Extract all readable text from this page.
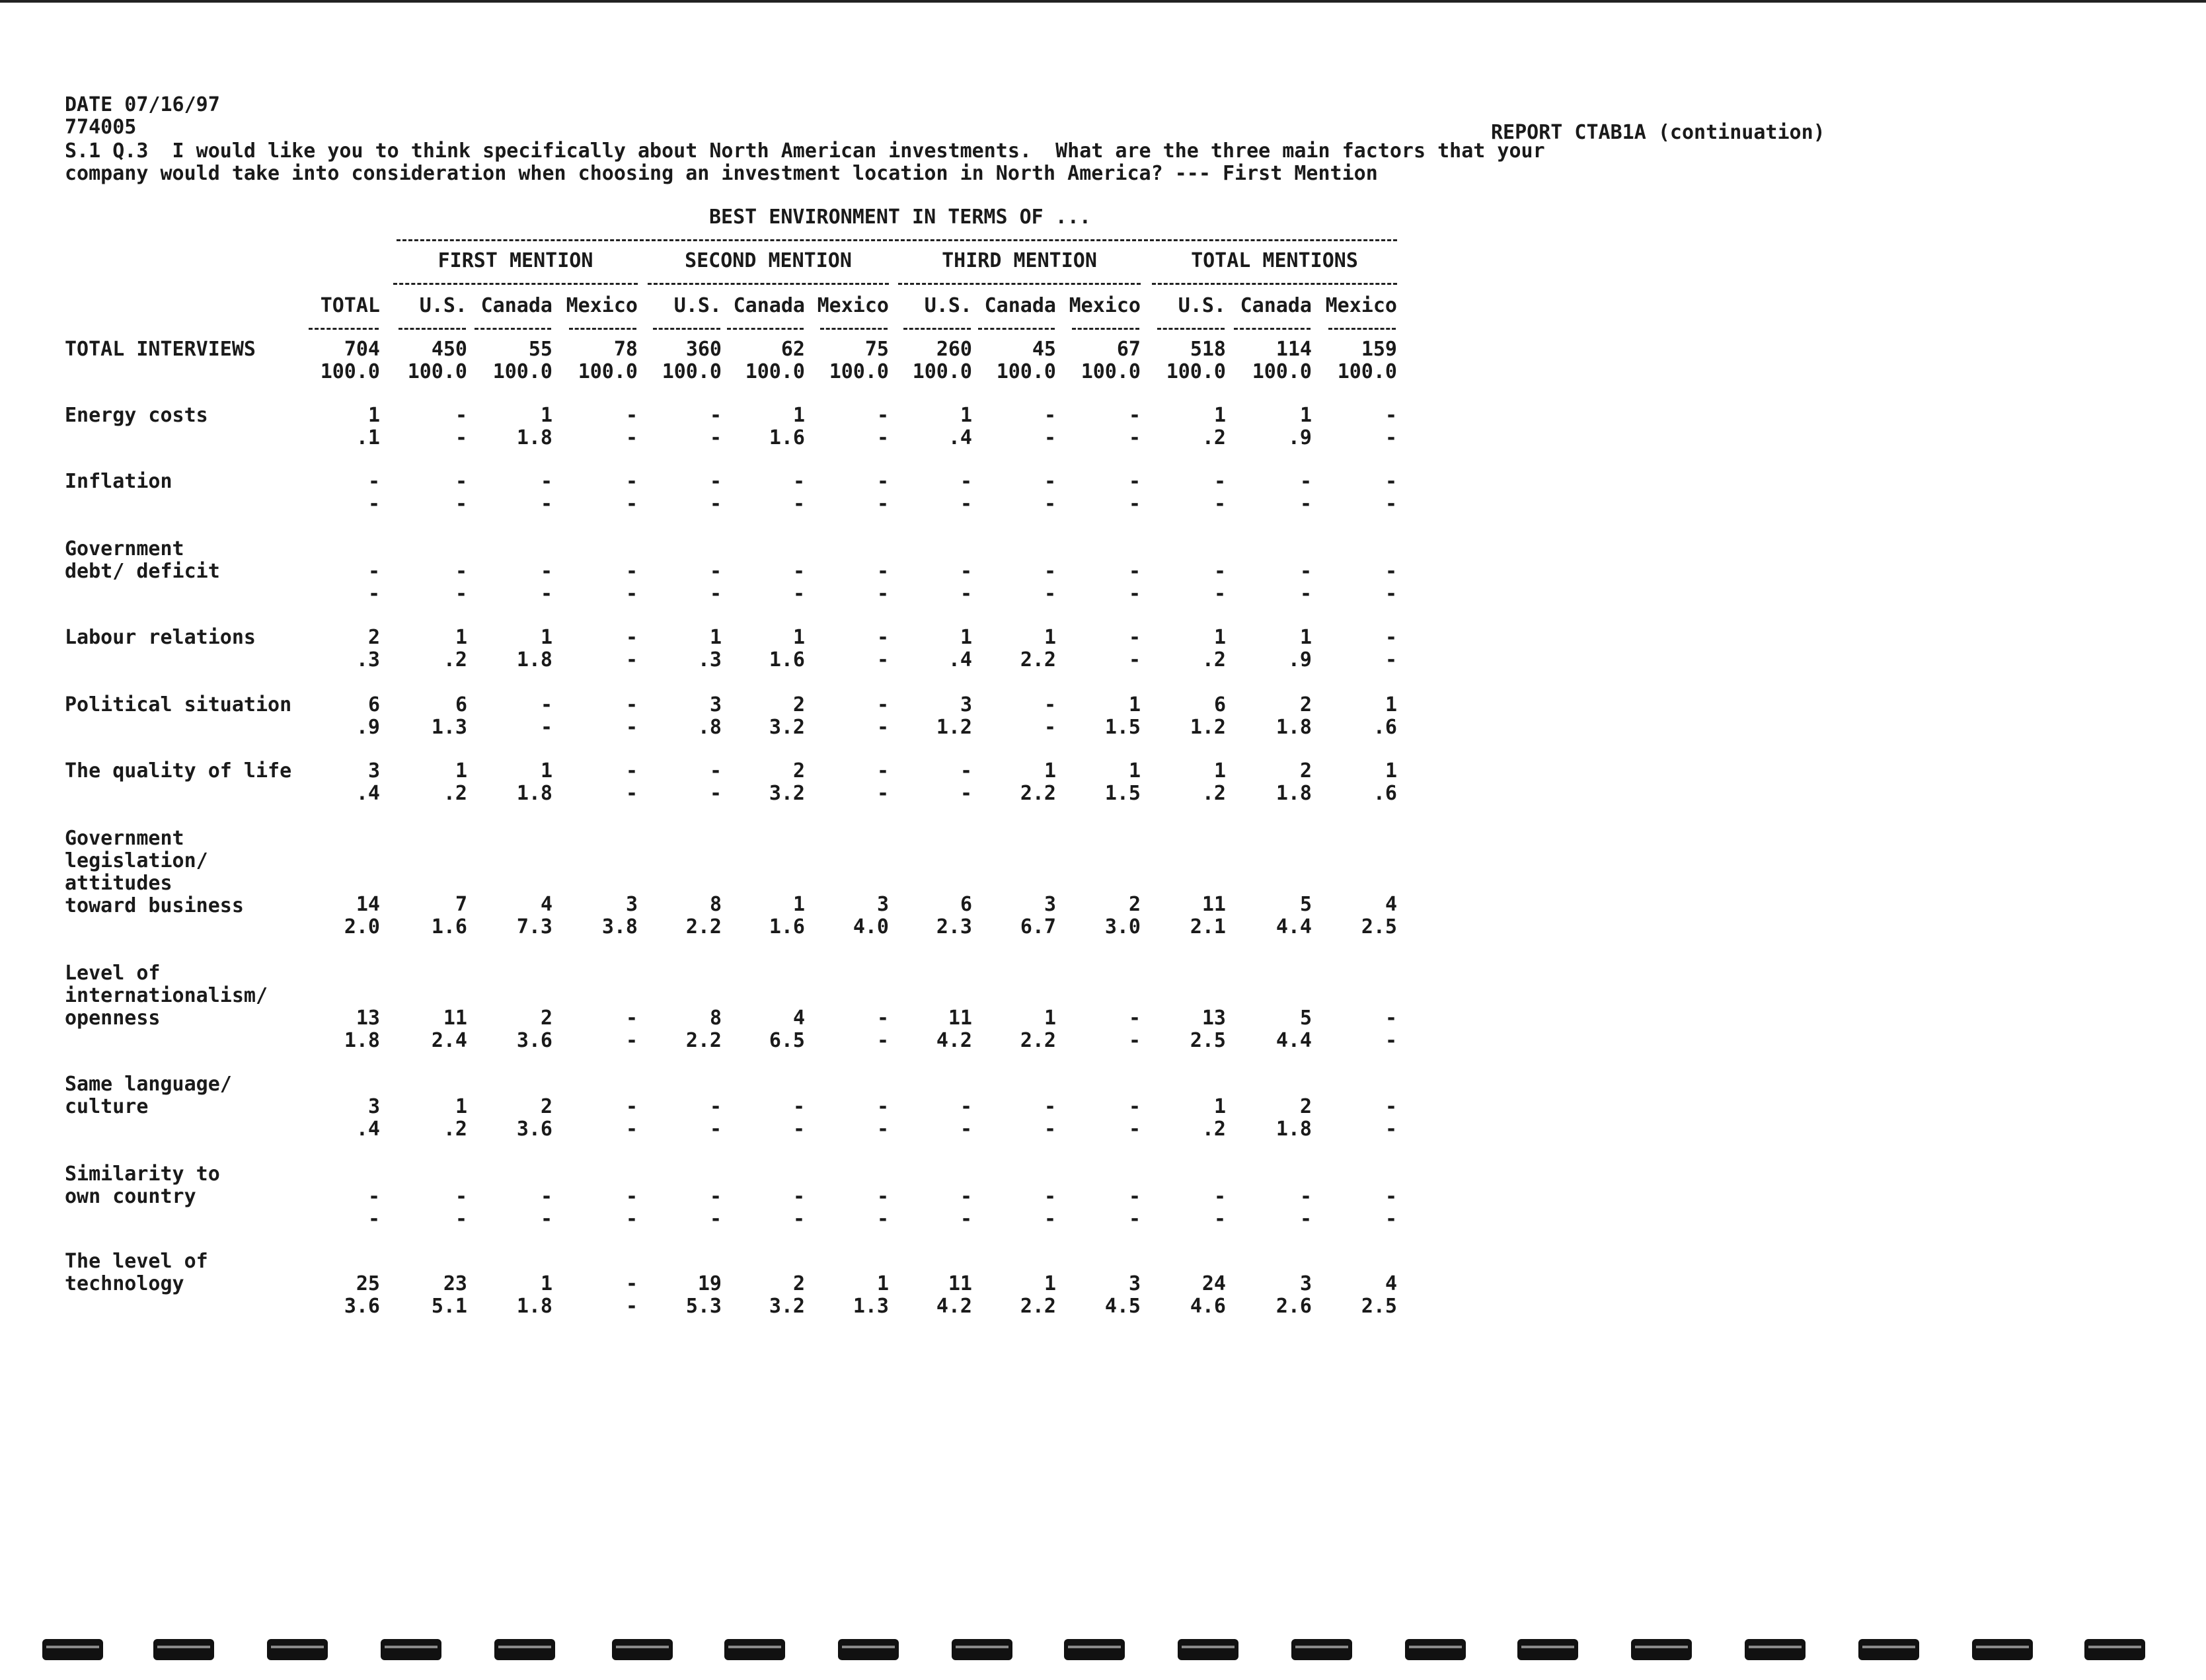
DATE 07/16/97
774005	REPORT CTAB1A (continuation)
S.1 Q.3  I would like you to think specifically about North American investments.  What are the three main factors that your
company would take into consideration when choosing an investment location in North America? --- First Mention
BEST ENVIRONMENT IN TERMS OF ...
FIRST MENTION	SECOND MENTION	THIRD MENTION	TOTAL MENTIONS
TOTAL	U.S. Canada Mexico	U.S. Canada Mexico	U.S. Canada Mexico	U.S. Canada Mexico
TOTAL INTERVIEWS	704	450	55	78	360	62	75	260	45	67	518	114	159
100.0	100.0	100.0	100.0	100.0	100.0	100.0	100.0	100.0	100.0	100.0	100.0	100.0
Energy costs	1	-	1	-	-	1	-	1	-	-	1	1	-
.1	-	1.8	-	-	1.6	-	.4	-	-	.2	.9	-
Inflation	-	-	-	-	-	-	-	-	-	-	-	-	-
-	-	-	-	-	-	-	-	-	-	-	-	-
Government
debt/ deficit	-	-	-	-	-	-	-	-	-	-	-	-	-
-	-	-	-	-	-	-	-	-	-	-	-	-
Labour relations	2	1	1	-	1	1	-	1	1	-	1	1	-
.3	.2	1.8	-	.3	1.6	-	.4	2.2	-	.2	.9	-
Political situation	6	6	-	-	3	2	-	3	-	1	6	2	1
.9	1.3	-	-	.8	3.2	-	1.2	-	1.5	1.2	1.8	.6
The quality of life	3	1	1	-	-	2	-	-	1	1	1	2	1
.4	.2	1.8	-	-	3.2	-	-	2.2	1.5	.2	1.8	.6
Government
legislation/
attitudes
toward business	14	7	4	3	8	1	3	6	3	2	11	5	4
2.0	1.6	7.3	3.8	2.2	1.6	4.0	2.3	6.7	3.0	2.1	4.4	2.5
Level of
internationalism/
openness	13	11	2	-	8	4	-	11	1	-	13	5	-
1.8	2.4	3.6	-	2.2	6.5	-	4.2	2.2	-	2.5	4.4	-
Same language/
culture	3	1	2	-	-	-	-	-	-	-	1	2	-
.4	.2	3.6	-	-	-	-	-	-	-	.2	1.8	-
Similarity to
own country	-	-	-	-	-	-	-	-	-	-	-	-	-
-	-	-	-	-	-	-	-	-	-	-	-	-
The level of
technology	25	23	1	-	19	2	1	11	1	3	24	3	4
3.6	5.1	1.8	-	5.3	3.2	1.3	4.2	2.2	4.5	4.6	2.6	2.5
